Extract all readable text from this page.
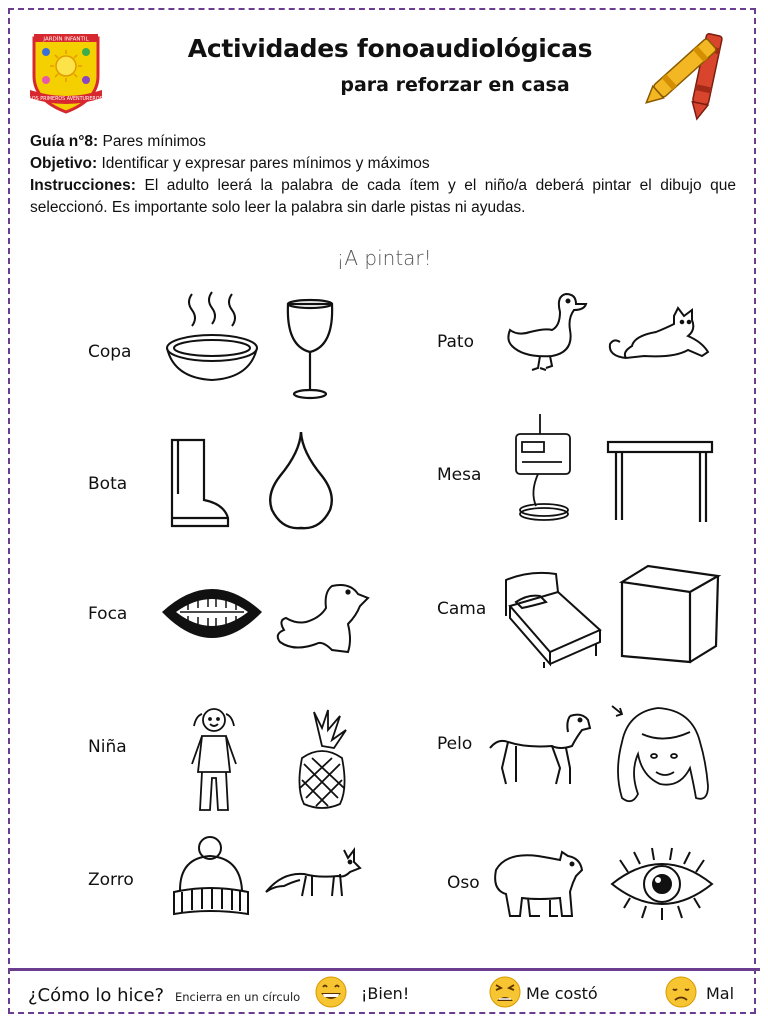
JARDÍN INFANTIL
LOS PRIMEROS AVENTUREROS
Actividades fonoaudiológicas
para reforzar en casa
Guía n°8: Pares mínimos
Objetivo: Identificar y expresar pares mínimos y máximos
Instrucciones: El adulto leerá la palabra de cada ítem y el niño/a deberá pintar el dibujo que seleccionó. Es importante solo leer la palabra sin darle pistas ni ayudas.
¡A pintar!
Copa
Bota
Foca
Niña
Zorro
Pato
Mesa
Cama
Pelo
Oso
¿Cómo lo hice? Encierra en un círculo	¡Bien!	Me costó	Mal
